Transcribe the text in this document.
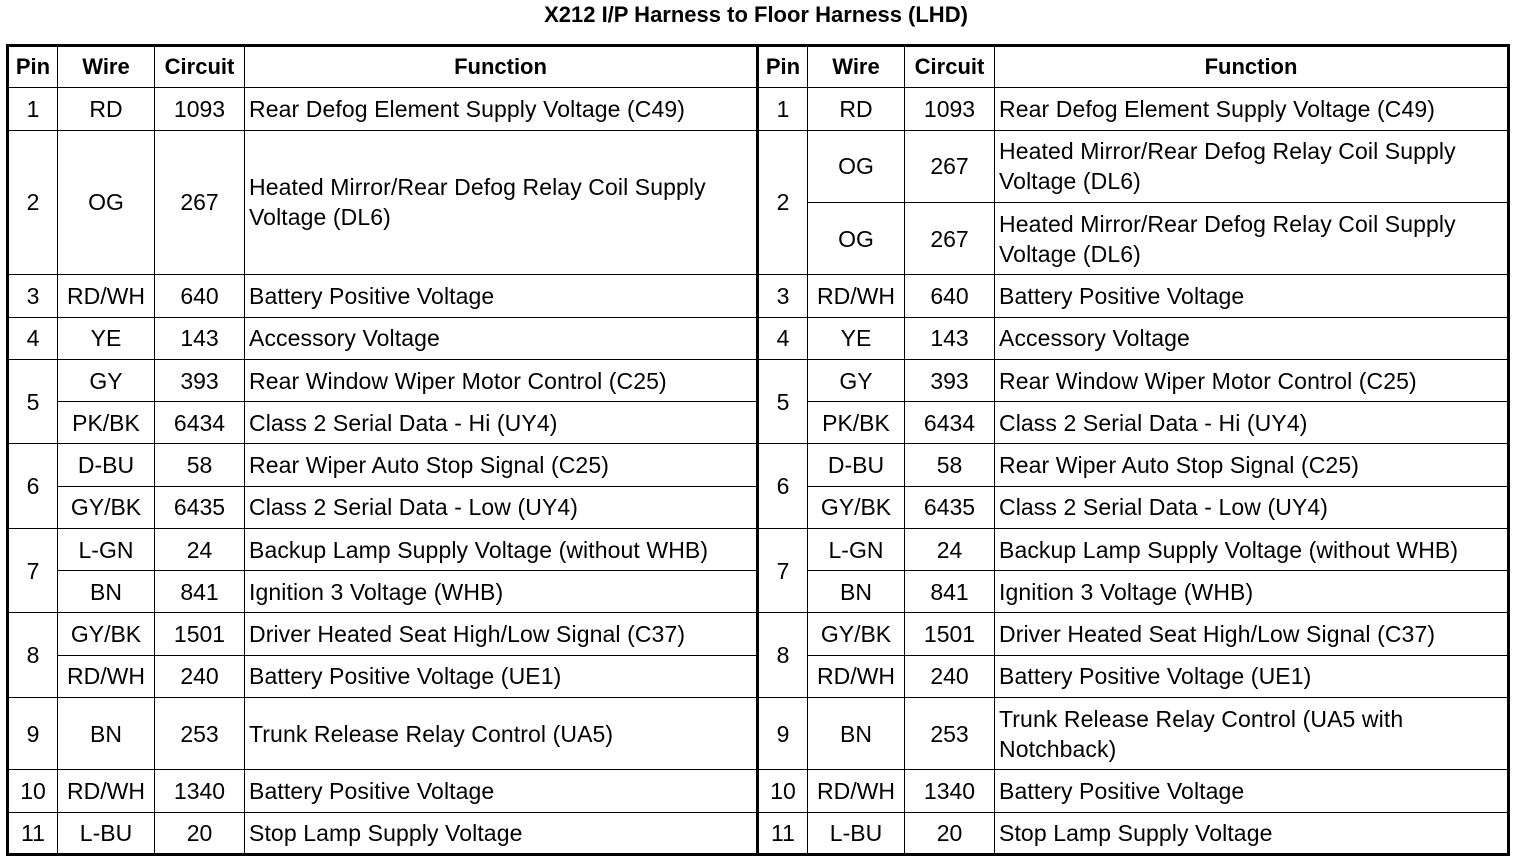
X212 I/P Harness to Floor Harness (LHD)
Pin	Wire	Circuit	Function	Pin	Wire	Circuit	Function
1	RD	1093	Rear Defog Element Supply Voltage (C49)	1	RD	1093	Rear Defog Element Supply Voltage (C49)
2	OG	267	Heated Mirror/Rear Defog Relay Coil Supply Voltage (DL6)	2	OG	267	Heated Mirror/Rear Defog Relay Coil Supply Voltage (DL6)
					OG	267	Heated Mirror/Rear Defog Relay Coil Supply Voltage (DL6)
3	RD/WH	640	Battery Positive Voltage	3	RD/WH	640	Battery Positive Voltage
4	YE	143	Accessory Voltage	4	YE	143	Accessory Voltage
5	GY	393	Rear Window Wiper Motor Control (C25)	5	GY	393	Rear Window Wiper Motor Control (C25)
	PK/BK	6434	Class 2 Serial Data - Hi (UY4)		PK/BK	6434	Class 2 Serial Data - Hi (UY4)
6	D-BU	58	Rear Wiper Auto Stop Signal (C25)	6	D-BU	58	Rear Wiper Auto Stop Signal (C25)
	GY/BK	6435	Class 2 Serial Data - Low (UY4)		GY/BK	6435	Class 2 Serial Data - Low (UY4)
7	L-GN	24	Backup Lamp Supply Voltage (without WHB)	7	L-GN	24	Backup Lamp Supply Voltage (without WHB)
	BN	841	Ignition 3 Voltage (WHB)		BN	841	Ignition 3 Voltage (WHB)
8	GY/BK	1501	Driver Heated Seat High/Low Signal (C37)	8	GY/BK	1501	Driver Heated Seat High/Low Signal (C37)
	RD/WH	240	Battery Positive Voltage (UE1)		RD/WH	240	Battery Positive Voltage (UE1)
9	BN	253	Trunk Release Relay Control (UA5)	9	BN	253	Trunk Release Relay Control (UA5 with Notchback)
10	RD/WH	1340	Battery Positive Voltage	10	RD/WH	1340	Battery Positive Voltage
11	L-BU	20	Stop Lamp Supply Voltage	11	L-BU	20	Stop Lamp Supply Voltage
